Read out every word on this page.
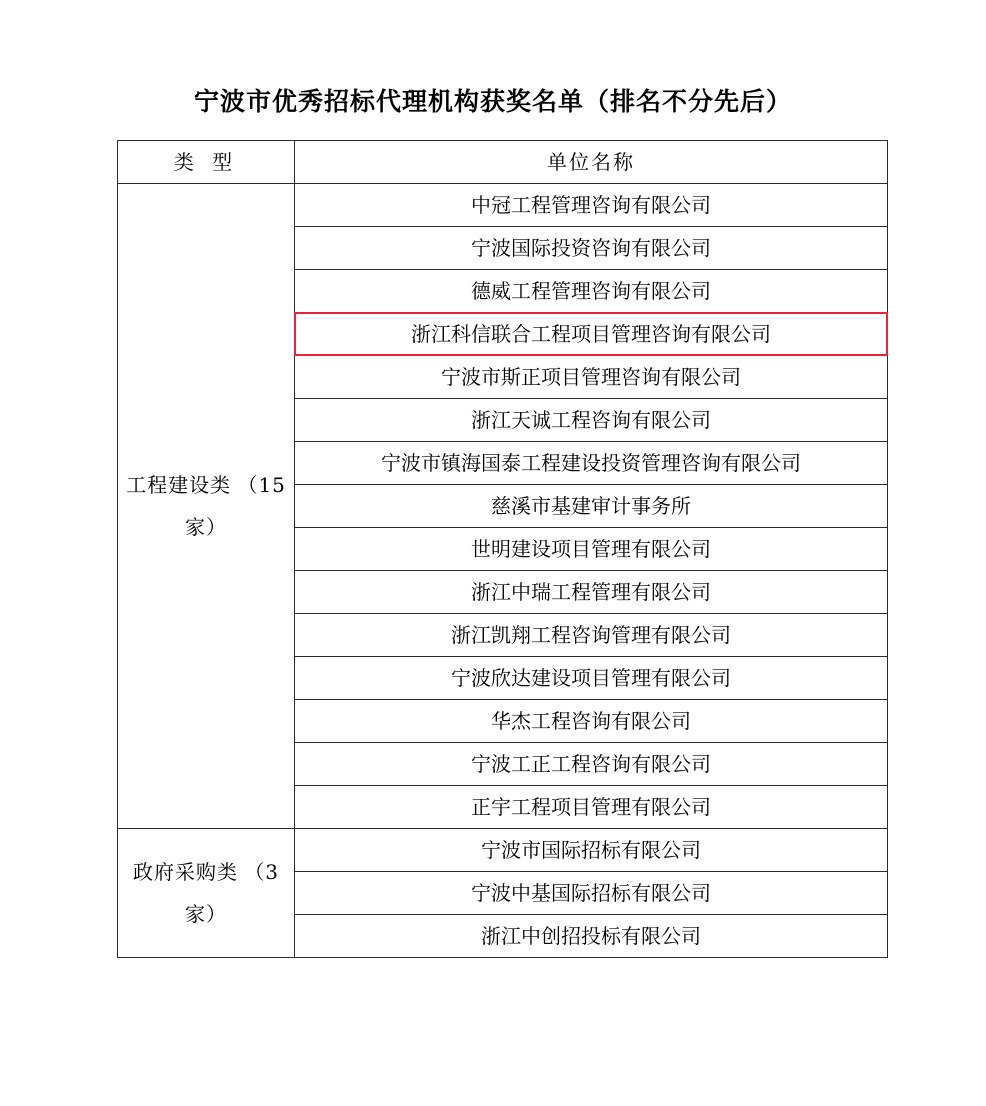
宁波市优秀招标代理机构获奖名单（排名不分先后）
类 型	单位名称
工程建设类 （15家）	中冠工程管理咨询有限公司
	宁波国际投资咨询有限公司
	德威工程管理咨询有限公司

	浙江科信联合工程项目管理咨询有限公司

	宁波市斯正项目管理咨询有限公司
	浙江天诚工程咨询有限公司
	宁波市镇海国泰工程建设投资管理咨询有限公司
	慈溪市基建审计事务所
	世明建设项目管理有限公司
	浙江中瑞工程管理有限公司
	浙江凯翔工程咨询管理有限公司
	宁波欣达建设项目管理有限公司
	华杰工程咨询有限公司
	宁波工正工程咨询有限公司
	正宇工程项目管理有限公司
政府采购类 （3家）	宁波市国际招标有限公司
	宁波中基国际招标有限公司
	浙江中创招投标有限公司
